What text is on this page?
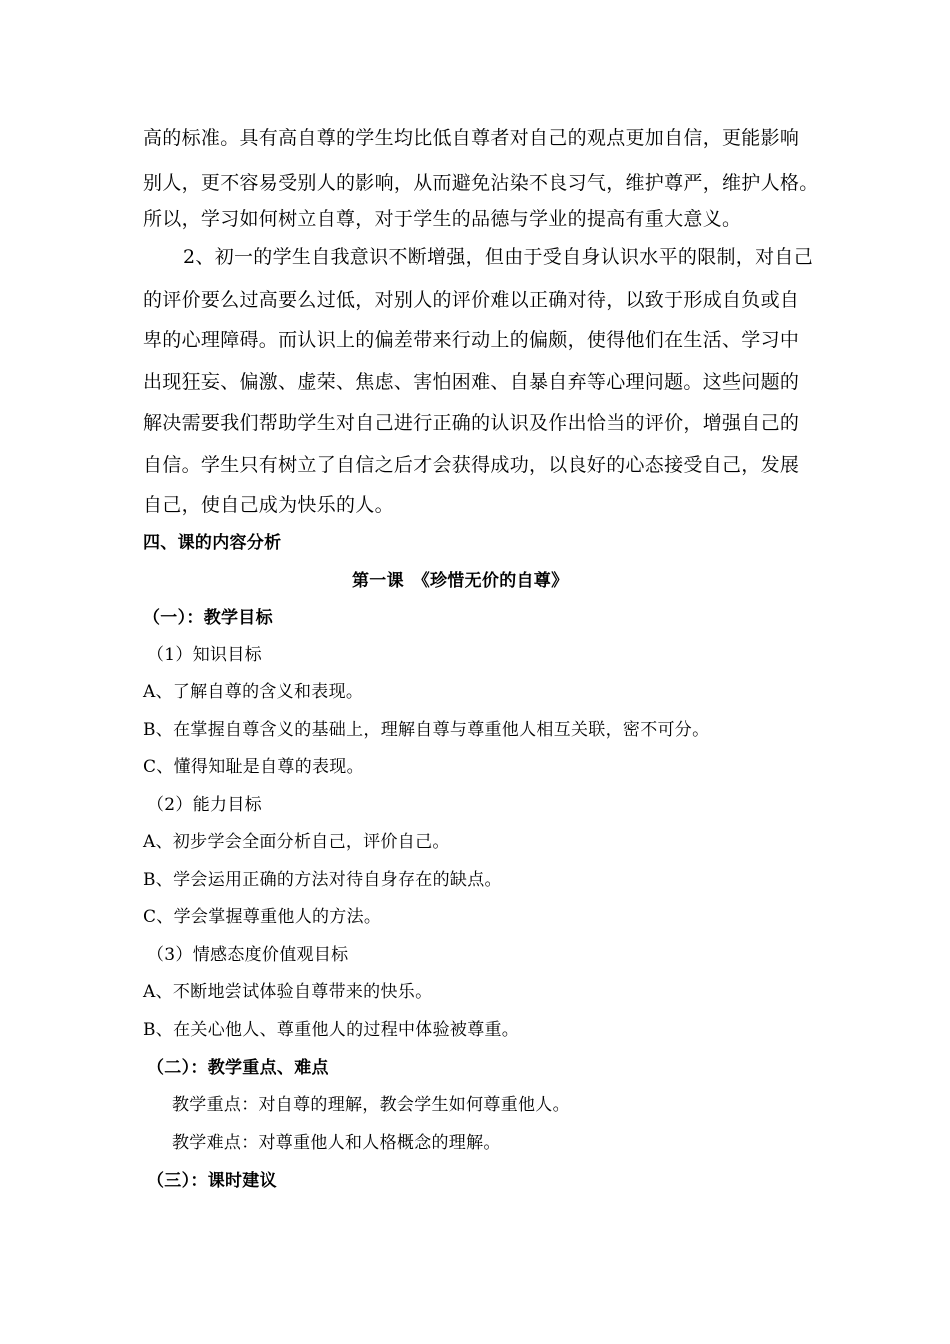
高的标准。具有高自尊的学生均比低自尊者对自己的观点更加自信，更能影响
别人，更不容易受别人的影响，从而避免沾染不良习气，维护尊严，维护人格。
所以，学习如何树立自尊，对于学生的品德与学业的提高有重大意义。
2、初一的学生自我意识不断增强，但由于受自身认识水平的限制，对自己
的评价要么过高要么过低，对别人的评价难以正确对待，以致于形成自负或自
卑的心理障碍。而认识上的偏差带来行动上的偏颇，使得他们在生活、学习中
出现狂妄、偏激、虚荣、焦虑、害怕困难、自暴自弃等心理问题。这些问题的
解决需要我们帮助学生对自己进行正确的认识及作出恰当的评价，增强自己的
自信。学生只有树立了自信之后才会获得成功，以良好的心态接受自己，发展
自己，使自己成为快乐的人。
四、课的内容分析
第一课　《珍惜无价的自尊》
（一）：教学目标
（1）知识目标
A、了解自尊的含义和表现。
B、在掌握自尊含义的基础上，理解自尊与尊重他人相互关联，密不可分。
C、懂得知耻是自尊的表现。
（2）能力目标
A、初步学会全面分析自己，评价自己。
B、学会运用正确的方法对待自身存在的缺点。
C、学会掌握尊重他人的方法。
（3）情感态度价值观目标
A、不断地尝试体验自尊带来的快乐。
B、在关心他人、尊重他人的过程中体验被尊重。
（二）：教学重点、难点
教学重点：对自尊的理解，教会学生如何尊重他人。
教学难点：对尊重他人和人格概念的理解。
（三）：课时建议
